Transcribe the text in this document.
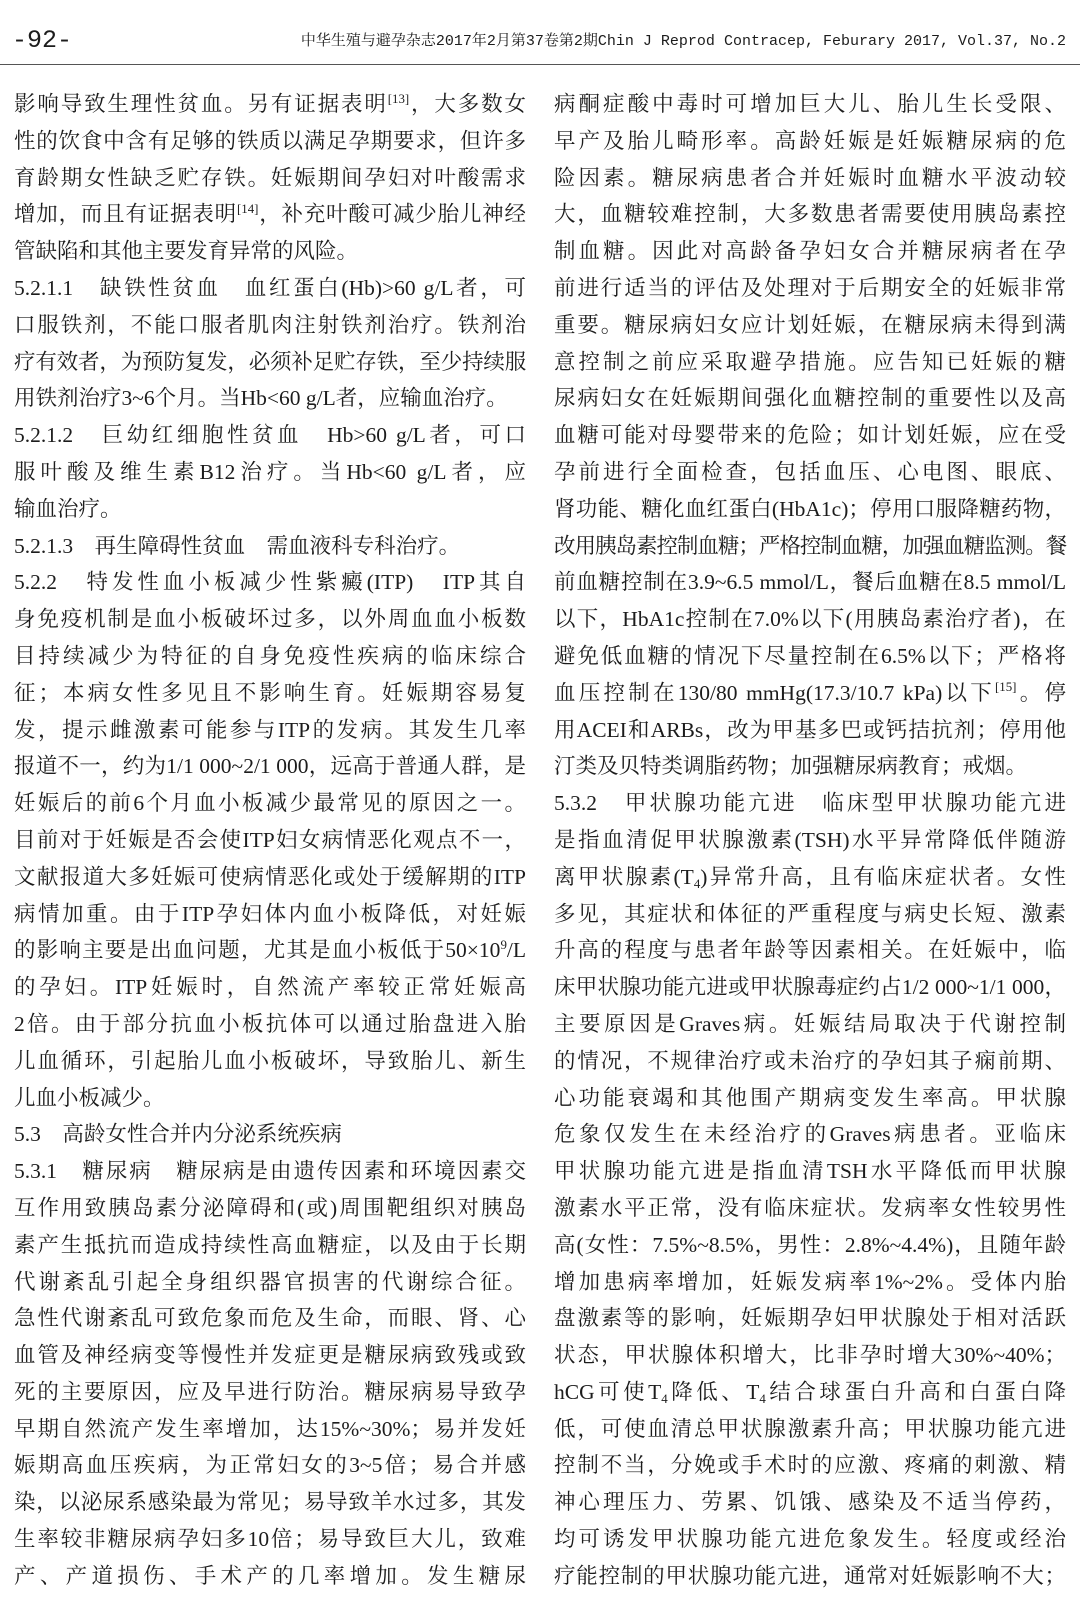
-92-	中华生殖与避孕杂志2017年2月第37卷第2期Chin J Reprod Contracep, Feburary 2017, Vol.37, No.2
影响导致生理性贫血。另有证据表明[13]，大多数女
性的饮食中含有足够的铁质以满足孕期要求，但许多
育龄期女性缺乏贮存铁。妊娠期间孕妇对叶酸需求
增加，而且有证据表明[14]，补充叶酸可减少胎儿神经
管缺陷和其他主要发育异常的风险。
5.2.1.1　缺铁性贫血　血红蛋白(Hb)>60 g/L者，可
口服铁剂，不能口服者肌肉注射铁剂治疗。铁剂治
疗有效者，为预防复发，必须补足贮存铁，至少持续服
用铁剂治疗3~6个月。当Hb<60 g/L者，应输血治疗。
5.2.1.2　巨幼红细胞性贫血　Hb>60 g/L者，可口
服叶酸及维生素B12治疗。当Hb<60 g/L者，应
输血治疗。
5.2.1.3　再生障碍性贫血　需血液科专科治疗。
5.2.2　特发性血小板减少性紫癜(ITP)　ITP其自
身免疫机制是血小板破坏过多，以外周血血小板数
目持续减少为特征的自身免疫性疾病的临床综合
征；本病女性多见且不影响生育。妊娠期容易复
发，提示雌激素可能参与ITP的发病。其发生几率
报道不一，约为1/1 000~2/1 000，远高于普通人群，是
妊娠后的前6个月血小板减少最常见的原因之一。
目前对于妊娠是否会使ITP妇女病情恶化观点不一，
文献报道大多妊娠可使病情恶化或处于缓解期的ITP
病情加重。由于ITP孕妇体内血小板降低，对妊娠
的影响主要是出血问题，尤其是血小板低于$50\times 10^9/L$
的孕妇。ITP妊娠时，自然流产率较正常妊娠高
2倍。由于部分抗血小板抗体可以通过胎盘进入胎
儿血循环，引起胎儿血小板破坏，导致胎儿、新生
儿血小板减少。
5.3　高龄女性合并内分泌系统疾病
5.3.1　糖尿病　糖尿病是由遗传因素和环境因素交
互作用致胰岛素分泌障碍和(或)周围靶组织对胰岛
素产生抵抗而造成持续性高血糖症，以及由于长期
代谢紊乱引起全身组织器官损害的代谢综合征。
急性代谢紊乱可致危象而危及生命，而眼、肾、心
血管及神经病变等慢性并发症更是糖尿病致残或致
死的主要原因，应及早进行防治。糖尿病易导致孕
早期自然流产发生率增加，达15%~30%；易并发妊
娠期高血压疾病，为正常妇女的3~5倍；易合并感
染，以泌尿系感染最为常见；易导致羊水过多，其发
生率较非糖尿病孕妇多10倍；易导致巨大儿，致难
产、产道损伤、手术产的几率增加。发生糖尿
病酮症酸中毒时可增加巨大儿、胎儿生长受限、
早产及胎儿畸形率。高龄妊娠是妊娠糖尿病的危
险因素。糖尿病患者合并妊娠时血糖水平波动较
大，血糖较难控制，大多数患者需要使用胰岛素控
制血糖。因此对高龄备孕妇女合并糖尿病者在孕
前进行适当的评估及处理对于后期安全的妊娠非常
重要。糖尿病妇女应计划妊娠，在糖尿病未得到满
意控制之前应采取避孕措施。应告知已妊娠的糖
尿病妇女在妊娠期间强化血糖控制的重要性以及高
血糖可能对母婴带来的危险；如计划妊娠，应在受
孕前进行全面检查，包括血压、心电图、眼底、
肾功能、糖化血红蛋白(HbA1c)；停用口服降糖药物，
改用胰岛素控制血糖；严格控制血糖，加强血糖监测。餐
前血糖控制在3.9~6.5 mmol/L，餐后血糖在8.5 mmol/L
以下，HbA1c控制在7.0%以下(用胰岛素治疗者)，在
避免低血糖的情况下尽量控制在6.5%以下；严格将
血压控制在130/80 mmHg(17.3/10.7 kPa)以下[15]。停
用ACEI和ARBs，改为甲基多巴或钙拮抗剂；停用他
汀类及贝特类调脂药物；加强糖尿病教育；戒烟。
5.3.2　甲状腺功能亢进　临床型甲状腺功能亢进
是指血清促甲状腺激素(TSH)水平异常降低伴随游
离甲状腺素$(T_4)$异常升高，且有临床症状者。女性
多见，其症状和体征的严重程度与病史长短、激素
升高的程度与患者年龄等因素相关。在妊娠中，临
床甲状腺功能亢进或甲状腺毒症约占1/2 000~1/1 000，
主要原因是Graves病。妊娠结局取决于代谢控制
的情况，不规律治疗或未治疗的孕妇其子痫前期、
心功能衰竭和其他围产期病变发生率高。甲状腺
危象仅发生在未经治疗的Graves病患者。亚临床
甲状腺功能亢进是指血清TSH水平降低而甲状腺
激素水平正常，没有临床症状。发病率女性较男性
高(女性：7.5%~8.5%，男性：2.8%~4.4%)，且随年龄
增加患病率增加，妊娠发病率1%~2%。受体内胎
盘激素等的影响，妊娠期孕妇甲状腺处于相对活跃
状态，甲状腺体积增大，比非孕时增大30%~40%；
hCG可使$T_4$降低、$T_4$结合球蛋白升高和白蛋白降
低，可使血清总甲状腺激素升高；甲状腺功能亢进
控制不当，分娩或手术时的应激、疼痛的刺激、精
神心理压力、劳累、饥饿、感染及不适当停药，
均可诱发甲状腺功能亢进危象发生。轻度或经治
疗能控制的甲状腺功能亢进，通常对妊娠影响不大；
